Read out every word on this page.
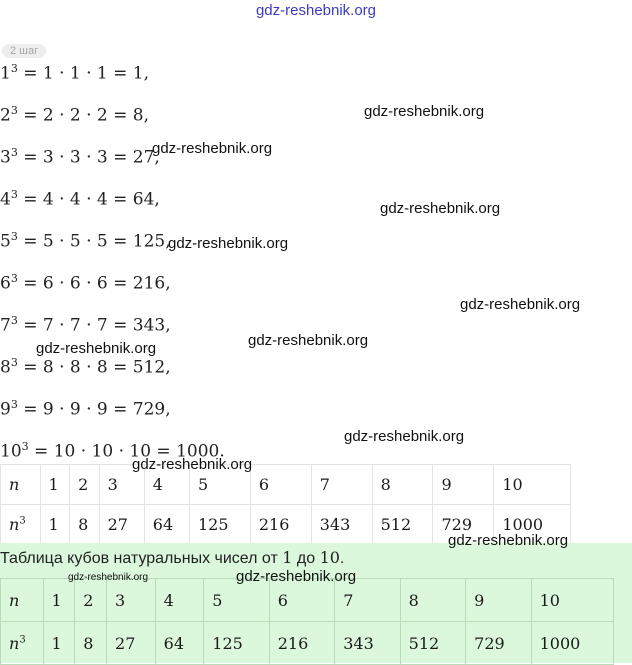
gdz-reshebnik.org
2 шаг
$1^3 = 1 \cdot 1 \cdot 1 = 1$,
$2^3 = 2 \cdot 2 \cdot 2 = 8$,
$3^3 = 3 \cdot 3 \cdot 3 = 27$,
$4^3 = 4 \cdot 4 \cdot 4 = 64$,
$5^3 = 5 \cdot 5 \cdot 5 = 125$,
$6^3 = 6 \cdot 6 \cdot 6 = 216$,
$7^3 = 7 \cdot 7 \cdot 7 = 343$,
$8^3 = 8 \cdot 8 \cdot 8 = 512$,
$9^3 = 9 \cdot 9 \cdot 9 = 729$,
$10^3 = 10 \cdot 10 \cdot 10 = 1000$.
n	1	2	3	4	5	6	7	8	9	10
$n^3$	1	8	27	64	125	216	343	512	729	1000
Таблица кубов натуральных чисел от 1 до 10.
n	1	2	3	4	5	6	7	8	9	10
$n^3$	1	8	27	64	125	216	343	512	729	1000
gdz-reshebnik.org
gdz-reshebnik.org
gdz-reshebnik.org
gdz-reshebnik.org
gdz-reshebnik.org
gdz-reshebnik.org
gdz-reshebnik.org
gdz-reshebnik.org
gdz-reshebnik.org
gdz-reshebnik.org
gdz-reshebnik.org
gdz-reshebnik.org
